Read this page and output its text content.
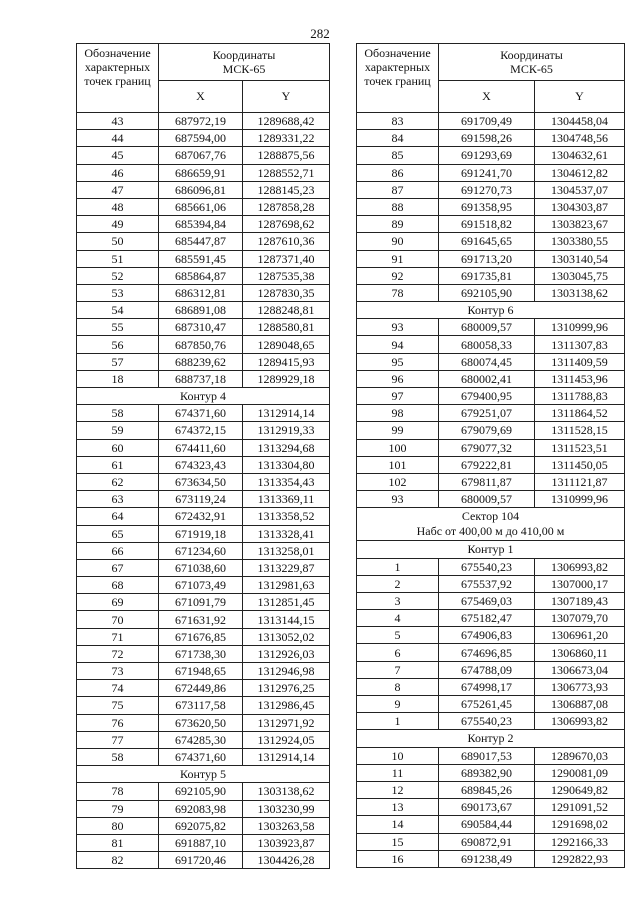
282
Обозначение характерных точек границ	Координаты
МСК-65	
	X	Y
43	687972,19	1289688,42
44	687594,00	1289331,22
45	687067,76	1288875,56
46	686659,91	1288552,71
47	686096,81	1288145,23
48	685661,06	1287858,28
49	685394,84	1287698,62
50	685447,87	1287610,36
51	685591,45	1287371,40
52	685864,87	1287535,38
53	686312,81	1287830,35
54	686891,08	1288248,81
55	687310,47	1288580,81
56	687850,76	1289048,65
57	688239,62	1289415,93
18	688737,18	1289929,18
Контур 4		
58	674371,60	1312914,14
59	674372,15	1312919,33
60	674411,60	1313294,68
61	674323,43	1313304,80
62	673634,50	1313354,43
63	673119,24	1313369,11
64	672432,91	1313358,52
65	671919,18	1313328,41
66	671234,60	1313258,01
67	671038,60	1313229,87
68	671073,49	1312981,63
69	671091,79	1312851,45
70	671631,92	1313144,15
71	671676,85	1313052,02
72	671738,30	1312926,03
73	671948,65	1312946,98
74	672449,86	1312976,25
75	673117,58	1312986,45
76	673620,50	1312971,92
77	674285,30	1312924,05
58	674371,60	1312914,14
Контур 5		
78	692105,90	1303138,62
79	692083,98	1303230,99
80	692075,82	1303263,58
81	691887,10	1303923,87
82	691720,46	1304426,28
Обозначение характерных точек границ	Координаты
МСК-65	
	X	Y
83	691709,49	1304458,04
84	691598,26	1304748,56
85	691293,69	1304632,61
86	691241,70	1304612,82
87	691270,73	1304537,07
88	691358,95	1304303,87
89	691518,82	1303823,67
90	691645,65	1303380,55
91	691713,20	1303140,54
92	691735,81	1303045,75
78	692105,90	1303138,62
Контур 6		
93	680009,57	1310999,96
94	680058,33	1311307,83
95	680074,45	1311409,59
96	680002,41	1311453,96
97	679400,95	1311788,83
98	679251,07	1311864,52
99	679079,69	1311528,15
100	679077,32	1311523,51
101	679222,81	1311450,05
102	679811,87	1311121,87
93	680009,57	1310999,96
Сектор 104
Набс от 400,00 м до 410,00 м		
Контур 1		
1	675540,23	1306993,82
2	675537,92	1307000,17
3	675469,03	1307189,43
4	675182,47	1307079,70
5	674906,83	1306961,20
6	674696,85	1306860,11
7	674788,09	1306673,04
8	674998,17	1306773,93
9	675261,45	1306887,08
1	675540,23	1306993,82
Контур 2		
10	689017,53	1289670,03
11	689382,90	1290081,09
12	689845,26	1290649,82
13	690173,67	1291091,52
14	690584,44	1291698,02
15	690872,91	1292166,33
16	691238,49	1292822,93
